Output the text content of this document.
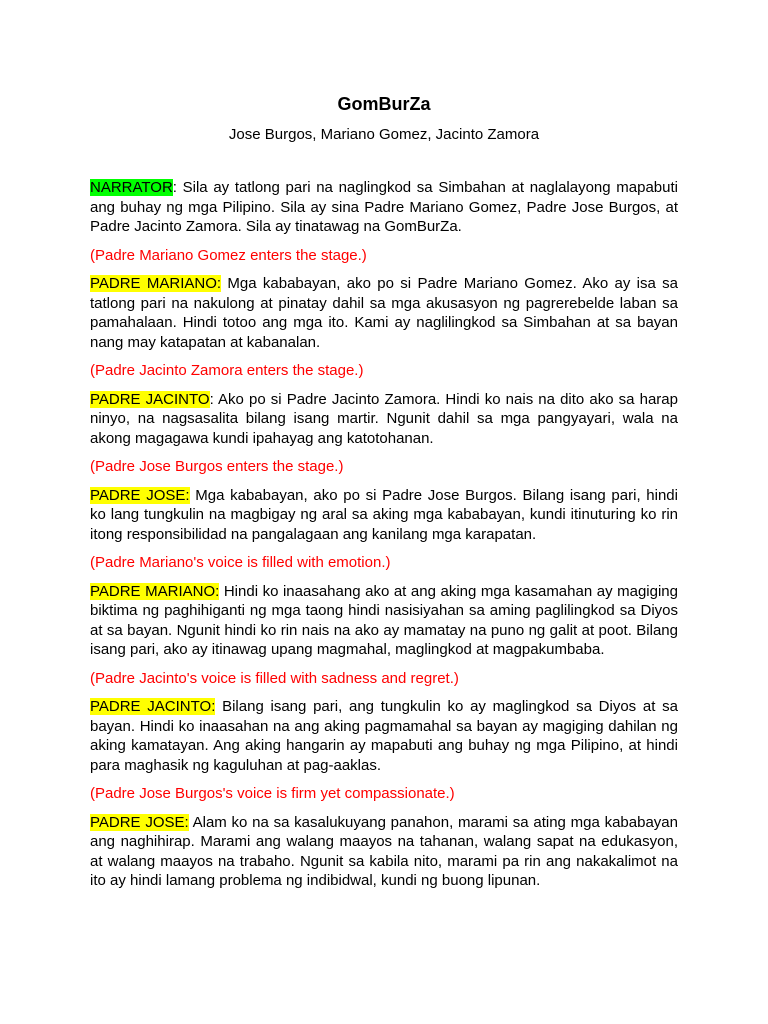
GomBurZa
Jose Burgos, Mariano Gomez, Jacinto Zamora

NARRATOR: Sila ay tatlong pari na naglingkod sa Simbahan at naglalayong mapabuti ang buhay ng mga Pilipino. Sila ay sina Padre Mariano Gomez, Padre Jose Burgos, at Padre Jacinto Zamora. Sila ay tinatawag na GomBurZa.

(Padre Mariano Gomez enters the stage.)

PADRE MARIANO: Mga kababayan, ako po si Padre Mariano Gomez. Ako ay isa sa tatlong pari na nakulong at pinatay dahil sa mga akusasyon ng pagrerebelde laban sa pamahalaan. Hindi totoo ang mga ito. Kami ay naglilingkod sa Simbahan at sa bayan nang may katapatan at kabanalan.

(Padre Jacinto Zamora enters the stage.)

PADRE JACINTO: Ako po si Padre Jacinto Zamora. Hindi ko nais na dito ako sa harap ninyo, na nagsasalita bilang isang martir. Ngunit dahil sa mga pangyayari, wala na akong magagawa kundi ipahayag ang katotohanan.

(Padre Jose Burgos enters the stage.)

PADRE JOSE: Mga kababayan, ako po si Padre Jose Burgos. Bilang isang pari, hindi ko lang tungkulin na magbigay ng aral sa aking mga kababayan, kundi itinuturing ko rin itong responsibilidad na pangalagaan ang kanilang mga karapatan.

(Padre Mariano's voice is filled with emotion.)

PADRE MARIANO: Hindi ko inaasahang ako at ang aking mga kasamahan ay magiging biktima ng paghihiganti ng mga taong hindi nasisiyahan sa aming paglilingkod sa Diyos at sa bayan. Ngunit hindi ko rin nais na ako ay mamatay na puno ng galit at poot. Bilang isang pari, ako ay itinawag upang magmahal, maglingkod at magpakumbaba.

(Padre Jacinto's voice is filled with sadness and regret.)

PADRE JACINTO: Bilang isang pari, ang tungkulin ko ay maglingkod sa Diyos at sa bayan. Hindi ko inaasahan na ang aking pagmamahal sa bayan ay magiging dahilan ng aking kamatayan. Ang aking hangarin ay mapabuti ang buhay ng mga Pilipino, at hindi para maghasik ng kaguluhan at pag-aaklas.

(Padre Jose Burgos's voice is firm yet compassionate.)

PADRE JOSE: Alam ko na sa kasalukuyang panahon, marami sa ating mga kababayan ang naghihirap. Marami ang walang maayos na tahanan, walang sapat na edukasyon, at walang maayos na trabaho. Ngunit sa kabila nito, marami pa rin ang nakakalimot na ito ay hindi lamang problema ng indibidwal, kundi ng buong lipunan.
